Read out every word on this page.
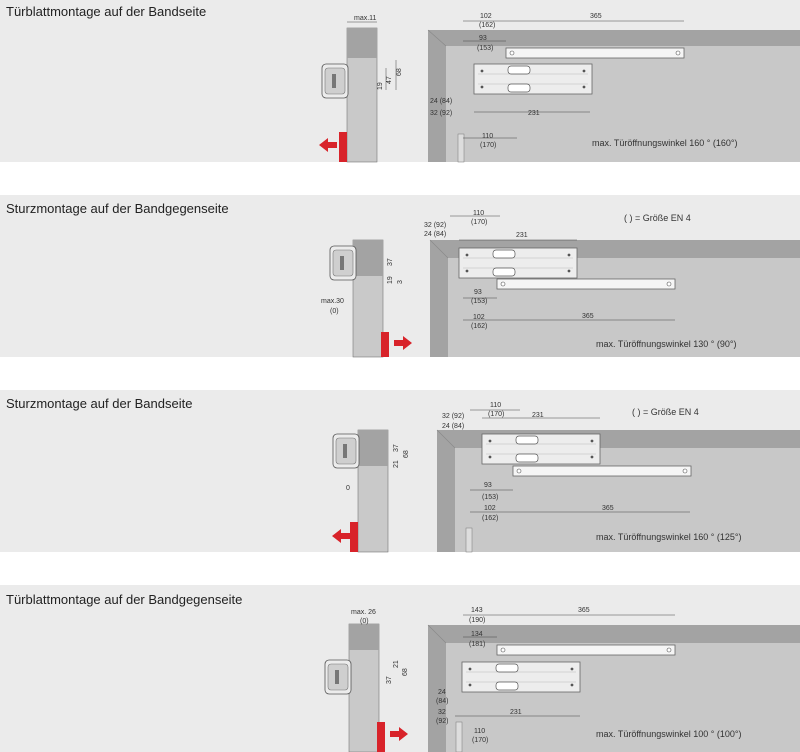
Türblattmontage auf der Bandseite
Sturzmontage auf der Bandgegenseite
Sturzmontage auf der Bandseite
Türblattmontage auf der Bandgegenseite
max.11
68
47
19
102
(162)
365
93
(153)
24 (84)
32 (92)	231
110
(170)	max. Türöffnungswinkel 160 ° (160°)
37
19 3
max.30
(0)
110
(170)
231
32 (92)
24 (84)
93
(153)
102
(162)
365
( ) = Größe EN 4
max. Türöffnungswinkel 130 ° (90°)
37
68
21
0
110
(170)	231
32 (92)
24 (84)
93
(153)
102
(162)
365
( ) = Größe EN 4
max. Türöffnungswinkel 160 ° (125°)
max. 26
(0)
68
37
21
143
(190)
365
134
(181)
24
(84)
32
(92)
231
110
(170)
max. Türöffnungswinkel 100 ° (100°)
